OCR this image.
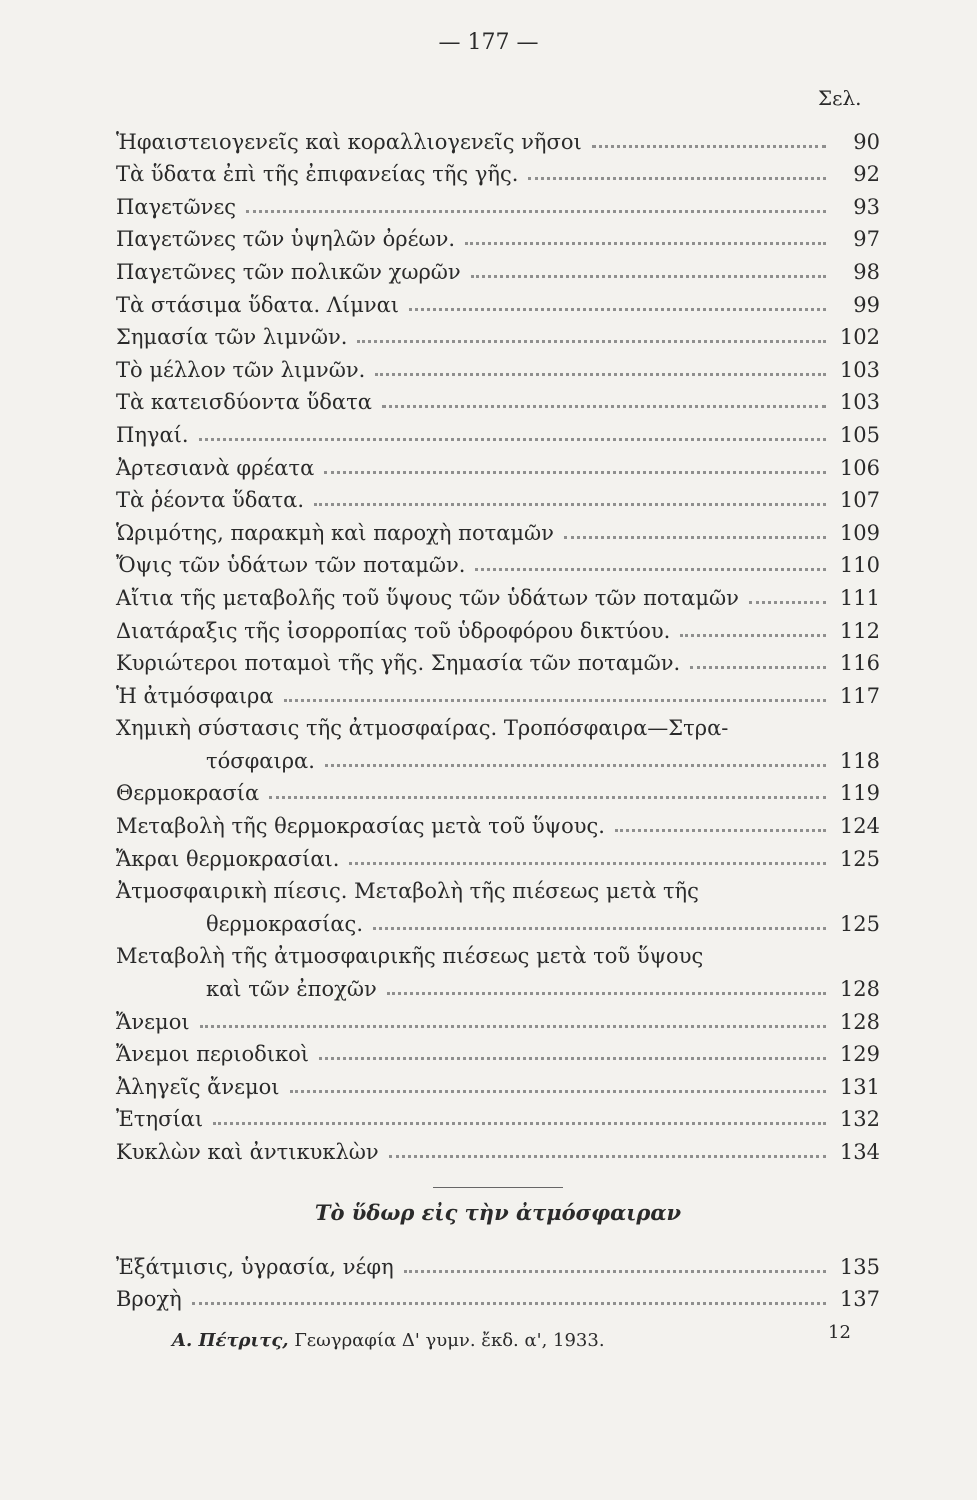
— 177 —
Σελ.
Ἡφαιστειογενεῖς καὶ κοραλλιογενεῖς νῆσοι	90
Τὰ ὕδατα ἐπὶ τῆς ἐπιφανείας τῆς γῆς.	92
Παγετῶνες	93
Παγετῶνες τῶν ὑψηλῶν ὀρέων.	97
Παγετῶνες τῶν πολικῶν χωρῶν	98
Τὰ στάσιμα ὕδατα. Λίμναι	99
Σημασία τῶν λιμνῶν.	102
Τὸ μέλλον τῶν λιμνῶν.	103
Τὰ κατεισδύοντα ὕδατα	103
Πηγαί.	105
Ἀρτεσιανὰ φρέατα	106
Τὰ ῥέοντα ὕδατα.	107
Ὡριμότης, παρακμὴ καὶ παροχὴ ποταμῶν	109
Ὄψις τῶν ὑδάτων τῶν ποταμῶν.	110
Αἴτια τῆς μεταβολῆς τοῦ ὕψους τῶν ὑδάτων τῶν ποταμῶν	111
Διατάραξις τῆς ἰσορροπίας τοῦ ὑδροφόρου δικτύου.	112
Κυριώτεροι ποταμοὶ τῆς γῆς. Σημασία τῶν ποταμῶν.	116
Ἡ ἀτμόσφαιρα	117
Χημικὴ σύστασις τῆς ἀτμοσφαίρας. Τροπόσφαιρα—Στρα-
τόσφαιρα.	118
Θερμοκρασία	119
Μεταβολὴ τῆς θερμοκρασίας μετὰ τοῦ ὕψους.	124
Ἄκραι θερμοκρασίαι.	125
Ἀτμοσφαιρικὴ πίεσις. Μεταβολὴ τῆς πιέσεως μετὰ τῆς
θερμοκρασίας.	125
Μεταβολὴ τῆς ἀτμοσφαιρικῆς πιέσεως μετὰ τοῦ ὕψους
καὶ τῶν ἐποχῶν	128
Ἄνεμοι	128
Ἄνεμοι περιοδικοὶ	129
Ἀληγεῖς ἄνεμοι	131
Ἐτησίαι	132
Κυκλὼν καὶ ἀντικυκλὼν	134
Τὸ ὕδωρ εἰς τὴν ἀτμόσφαιραν
Ἐξάτμισις, ὑγρασία, νέφη	135
Βροχὴ	137
Α. Πέτριτς, Γεωγραφία Δ' γυμν. ἔκδ. α', 1933.	12
